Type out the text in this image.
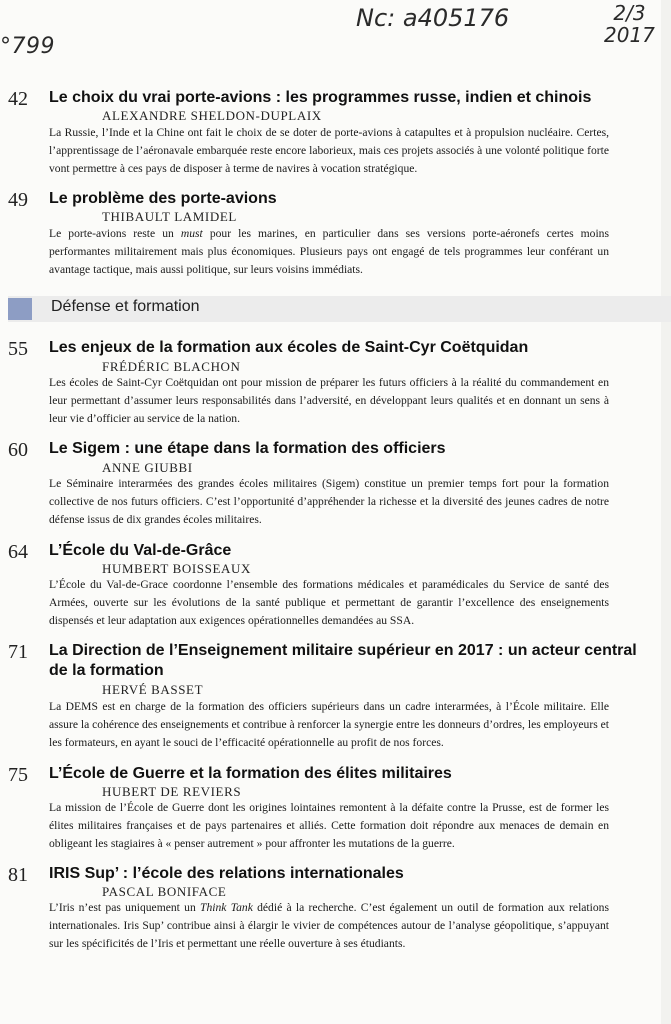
°799
Nc: a405176	2/3
2017
42 Le choix du vrai porte-avions : les programmes russe, indien et chinois
ALEXANDRE SHELDON-DUPLAIX
La Russie, l’Inde et la Chine ont fait le choix de se doter de porte-avions à catapultes et à propulsion nucléaire. Certes, l’apprentissage de l’aéronavale embarquée reste encore laborieux, mais ces projets associés à une volonté politique forte vont permettre à ces pays de disposer à terme de navires à vocation stratégique.
49 Le problème des porte-avions
THIBAULT LAMIDEL
Le porte-avions reste un must pour les marines, en particulier dans ses versions porte-aéronefs certes moins performantes militairement mais plus économiques. Plusieurs pays ont engagé de tels programmes leur conférant un avantage tactique, mais aussi politique, sur leurs voisins immédiats.
Défense et formation
55 Les enjeux de la formation aux écoles de Saint-Cyr Coëtquidan
FRÉDÉRIC BLACHON
Les écoles de Saint-Cyr Coëtquidan ont pour mission de préparer les futurs officiers à la réalité du commandement en leur permettant d’assumer leurs responsabilités dans l’adversité, en développant leurs qualités et en donnant un sens à leur vie d’officier au service de la nation.
60 Le Sigem : une étape dans la formation des officiers
ANNE GIUBBI
Le Séminaire interarmées des grandes écoles militaires (Sigem) constitue un premier temps fort pour la formation collective de nos futurs officiers. C’est l’opportunité d’appréhender la richesse et la diversité des jeunes cadres de notre défense issus de dix grandes écoles militaires.
64 L’École du Val-de-Grâce
HUMBERT BOISSEAUX
L’École du Val-de-Grace coordonne l’ensemble des formations médicales et paramédicales du Service de santé des Armées, ouverte sur les évolutions de la santé publique et permettant de garantir l’excellence des enseignements dispensés et leur adaptation aux exigences opérationnelles demandées au SSA.
71 La Direction de l’Enseignement militaire supérieur en 2017 : un acteur central de la formation
HERVÉ BASSET
La DEMS est en charge de la formation des officiers supérieurs dans un cadre interarmées, à l’École militaire. Elle assure la cohérence des enseignements et contribue à renforcer la synergie entre les donneurs d’ordres, les employeurs et les formateurs, en ayant le souci de l’efficacité opérationnelle au profit de nos forces.
75 L’École de Guerre et la formation des élites militaires
HUBERT DE REVIERS
La mission de l’École de Guerre dont les origines lointaines remontent à la défaite contre la Prusse, est de former les élites militaires françaises et de pays partenaires et alliés. Cette formation doit répondre aux menaces de demain en obligeant les stagiaires à « penser autrement » pour affronter les mutations de la guerre.
81 IRIS Sup’ : l’école des relations internationales
PASCAL BONIFACE
L’Iris n’est pas uniquement un Think Tank dédié à la recherche. C’est également un outil de formation aux relations internationales. Iris Sup’ contribue ainsi à élargir le vivier de compétences autour de l’analyse géopolitique, s’appuyant sur les spécificités de l’Iris et permettant une réelle ouverture à ses étudiants.
